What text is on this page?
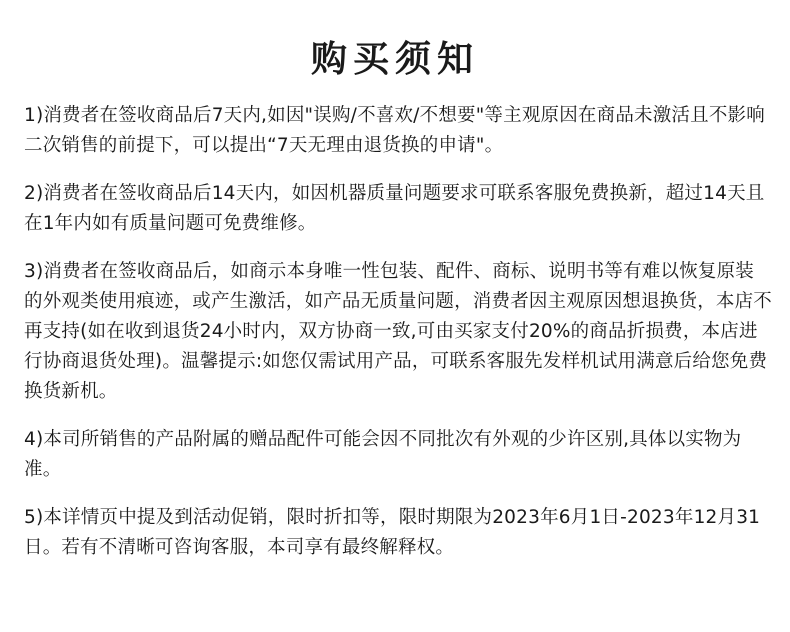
购买须知
1)消费者在签收商品后7天内,如因"误购/不喜欢/不想要"等主观原因在商品未激活且不影响二次销售的前提下，可以提出“7天无理由退货换的申请"。
2)消费者在签收商品后14天内，如因机器质量问题要求可联系客服免费换新，超过14天且在1年内如有质量问题可免费维修。
3)消费者在签收商品后，如商示本身唯一性包装、配件、商标、说明书等有难以恢复原装的外观类使用痕迹，或产生激活，如产品无质量问题，消费者因主观原因想退换货，本店不再支持(如在收到退货24小时内，双方协商一致,可由买家支付20%的商品折损费，本店进行协商退货处理)。温馨提示:如您仅需试用产品，可联系客服先发样机试用满意后给您免费换货新机。
4)本司所销售的产品附属的赠品配件可能会因不同批次有外观的少许区别,具体以实物为准。
5)本详情页中提及到活动促销，限时折扣等，限时期限为2023年6月1日-2023年12月31日。若有不清晰可咨询客服，本司享有最终解释权。
